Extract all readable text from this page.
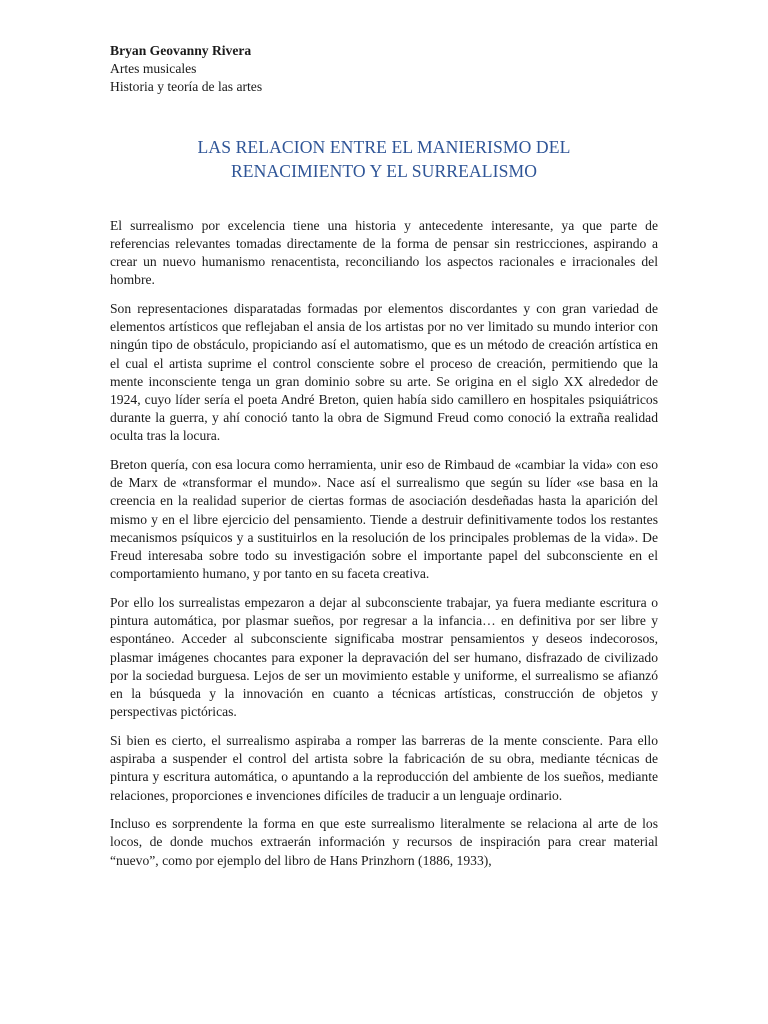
Bryan Geovanny Rivera
Artes musicales
Historia y teoría de las artes
LAS RELACION ENTRE EL MANIERISMO DEL
RENACIMIENTO Y EL SURREALISMO

El surrealismo por excelencia tiene una historia y antecedente interesante, ya que parte de referencias relevantes tomadas directamente de la forma de pensar sin restricciones, aspirando a crear un nuevo humanismo renacentista, reconciliando los aspectos racionales e irracionales del hombre.

Son representaciones disparatadas formadas por elementos discordantes y con gran variedad de elementos artísticos que reflejaban el ansia de los artistas por no ver limitado su mundo interior con ningún tipo de obstáculo, propiciando así el automatismo, que es un método de creación artística en el cual el artista suprime el control consciente sobre el proceso de creación, permitiendo que la mente inconsciente tenga un gran dominio sobre su arte. Se origina en el siglo XX alrededor de 1924, cuyo líder sería el poeta André Breton, quien había sido camillero en hospitales psiquiátricos durante la guerra, y ahí conoció tanto la obra de Sigmund Freud como conoció la extraña realidad oculta tras la locura.

Breton quería, con esa locura como herramienta, unir eso de Rimbaud de «cambiar la vida» con eso de Marx de «transformar el mundo». Nace así el surrealismo que según su líder «se basa en la creencia en la realidad superior de ciertas formas de asociación desdeñadas hasta la aparición del mismo y en el libre ejercicio del pensamiento. Tiende a destruir definitivamente todos los restantes mecanismos psíquicos y a sustituirlos en la resolución de los principales problemas de la vida». De Freud interesaba sobre todo su investigación sobre el importante papel del subconsciente en el comportamiento humano, y por tanto en su faceta creativa.

Por ello los surrealistas empezaron a dejar al subconsciente trabajar, ya fuera mediante escritura o pintura automática, por plasmar sueños, por regresar a la infancia… en definitiva por ser libre y espontáneo. Acceder al subconsciente significaba mostrar pensamientos y deseos indecorosos, plasmar imágenes chocantes para exponer la depravación del ser humano, disfrazado de civilizado por la sociedad burguesa. Lejos de ser un movimiento estable y uniforme, el surrealismo se afianzó en la búsqueda y la innovación en cuanto a técnicas artísticas, construcción de objetos y perspectivas pictóricas.

Si bien es cierto, el surrealismo aspiraba a romper las barreras de la mente consciente. Para ello aspiraba a suspender el control del artista sobre la fabricación de su obra, mediante técnicas de pintura y escritura automática, o apuntando a la reproducción del ambiente de los sueños, mediante relaciones, proporciones e invenciones difíciles de traducir a un lenguaje ordinario.

Incluso es sorprendente la forma en que este surrealismo literalmente se relaciona al arte de los locos, de donde muchos extraerán información y recursos de inspiración para crear material “nuevo”, como por ejemplo del libro de Hans Prinzhorn (1886, 1933),
